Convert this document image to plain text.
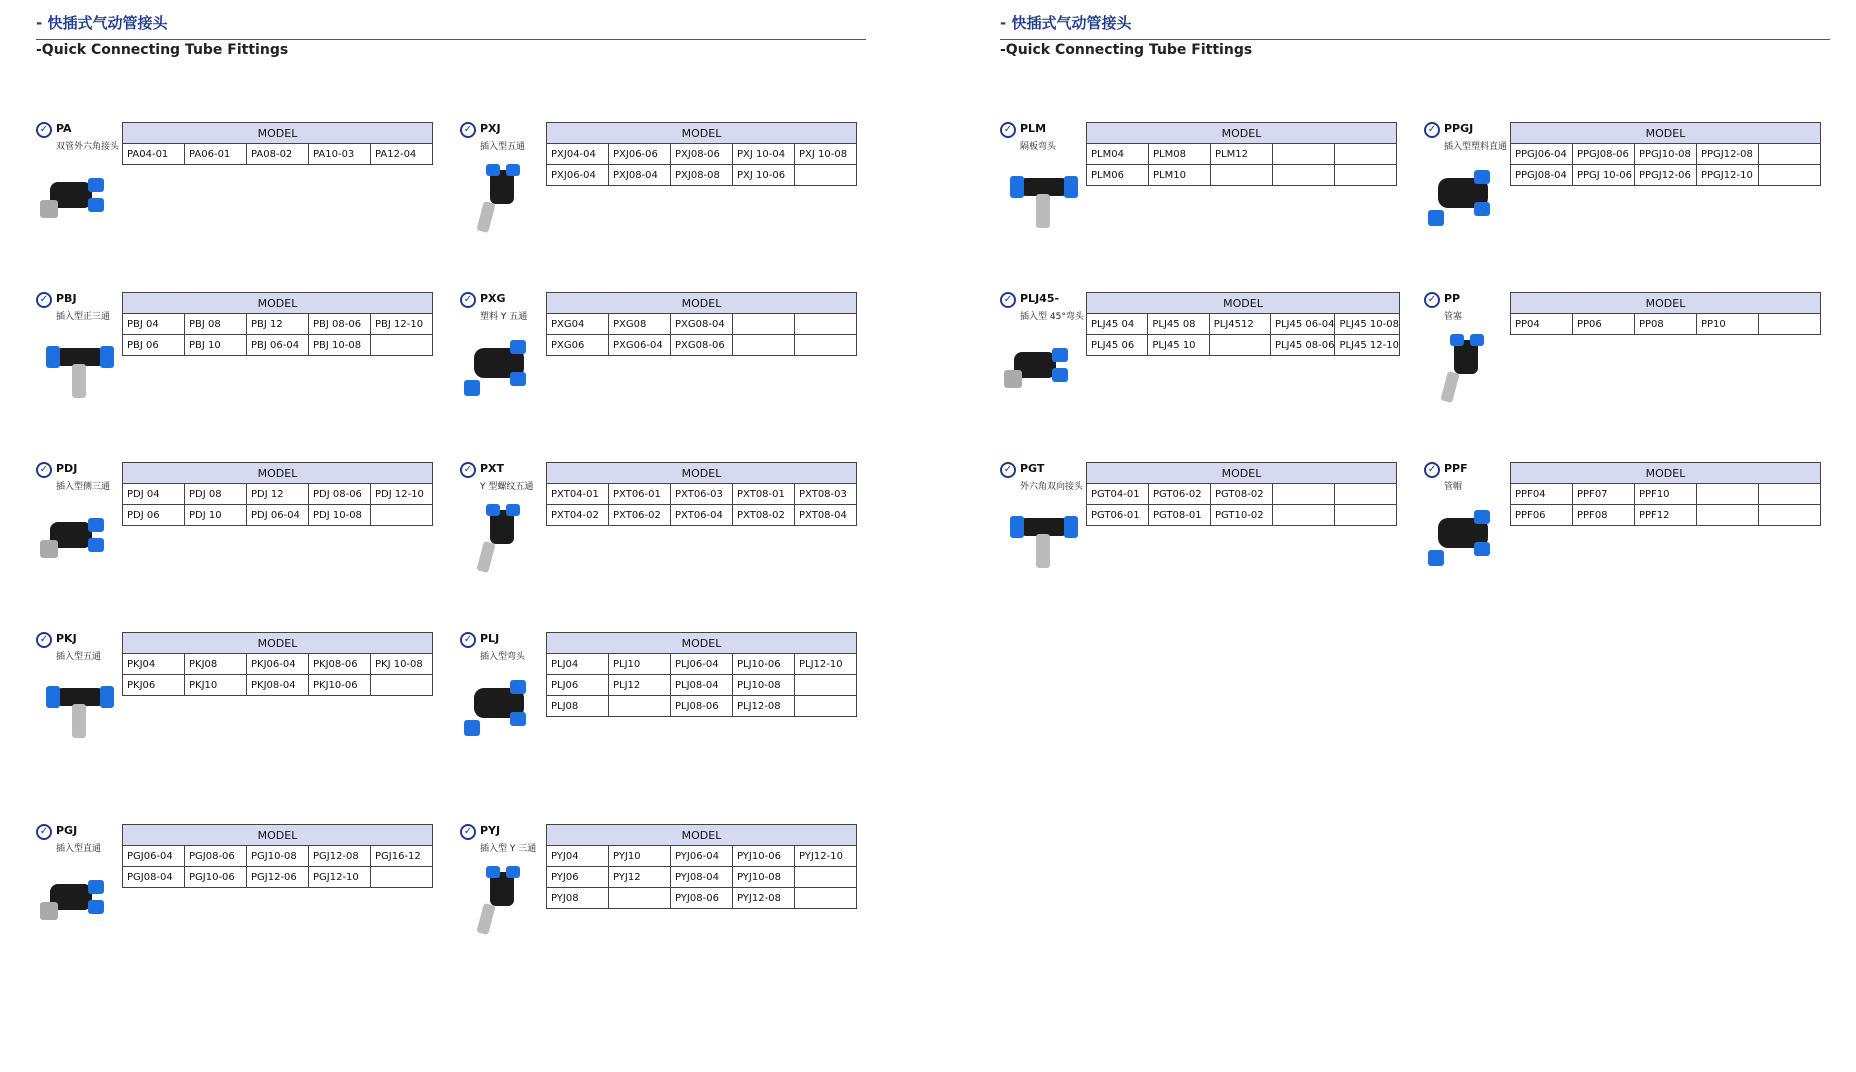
- 快插式气动管接头
-Quick Connecting Tube Fittings
- 快插式气动管接头
-Quick Connecting Tube Fittings
✓ PA
双管外六角接头
MODEL
PA04-01	PA06-01	PA08-02	PA10-03	PA12-04
✓ PXJ
插入型五通
MODEL				
PXJ04-04	PXJ06-06	PXJ08-06	PXJ 10-04	PXJ 10-08
PXJ06-04	PXJ08-04	PXJ08-08	PXJ 10-06	
✓ PBJ
插入型正三通
MODEL				
PBJ 04	PBJ 08	PBJ 12	PBJ 08-06	PBJ 12-10
PBJ 06	PBJ 10	PBJ 06-04	PBJ 10-08	
✓ PXG
塑料 Y 五通
MODEL				
PXG04	PXG08	PXG08-04		
PXG06	PXG06-04	PXG08-06		
✓ PDJ
插入型侧三通
MODEL				
PDJ 04	PDJ 08	PDJ 12	PDJ 08-06	PDJ 12-10
PDJ 06	PDJ 10	PDJ 06-04	PDJ 10-08	
✓ PXT
Y 型螺纹五通
MODEL				
PXT04-01	PXT06-01	PXT06-03	PXT08-01	PXT08-03
PXT04-02	PXT06-02	PXT06-04	PXT08-02	PXT08-04
✓ PKJ
插入型五通
MODEL				
PKJ04	PKJ08	PKJ06-04	PKJ08-06	PKJ 10-08
PKJ06	PKJ10	PKJ08-04	PKJ10-06	
✓ PLJ
插入型弯头
MODEL				
PLJ04	PLJ10	PLJ06-04	PLJ10-06	PLJ12-10
PLJ06	PLJ12	PLJ08-04	PLJ10-08	
PLJ08		PLJ08-06	PLJ12-08	
✓ PGJ
插入型直通
MODEL				
PGJ06-04	PGJ08-06	PGJ10-08	PGJ12-08	PGJ16-12
PGJ08-04	PGJ10-06	PGJ12-06	PGJ12-10	
✓ PYJ
插入型 Y 三通
MODEL				
PYJ04	PYJ10	PYJ06-04	PYJ10-06	PYJ12-10
PYJ06	PYJ12	PYJ08-04	PYJ10-08	
PYJ08		PYJ08-06	PYJ12-08	
✓ PLM
隔板弯头
MODEL				
PLM04	PLM08	PLM12		
PLM06	PLM10			
✓ PPGJ
插入型塑料直通
MODEL				
PPGJ06-04	PPGJ08-06	PPGJ10-08	PPGJ12-08	
PPGJ08-04	PPGJ 10-06	PPGJ12-06	PPGJ12-10	
✓ PLJ45-
插入型 45°弯头
MODEL				
PLJ45 04	PLJ45 08	PLJ4512	PLJ45 06-04	PLJ45 10-08
PLJ45 06	PLJ45 10		PLJ45 08-06	PLJ45 12-10
✓ PP
管塞
MODEL
PP04	PP06	PP08	PP10	
✓ PGT
外六角双向接头
MODEL				
PGT04-01	PGT06-02	PGT08-02		
PGT06-01	PGT08-01	PGT10-02		
✓ PPF
管帽
MODEL				
PPF04	PPF07	PPF10		
PPF06	PPF08	PPF12		
